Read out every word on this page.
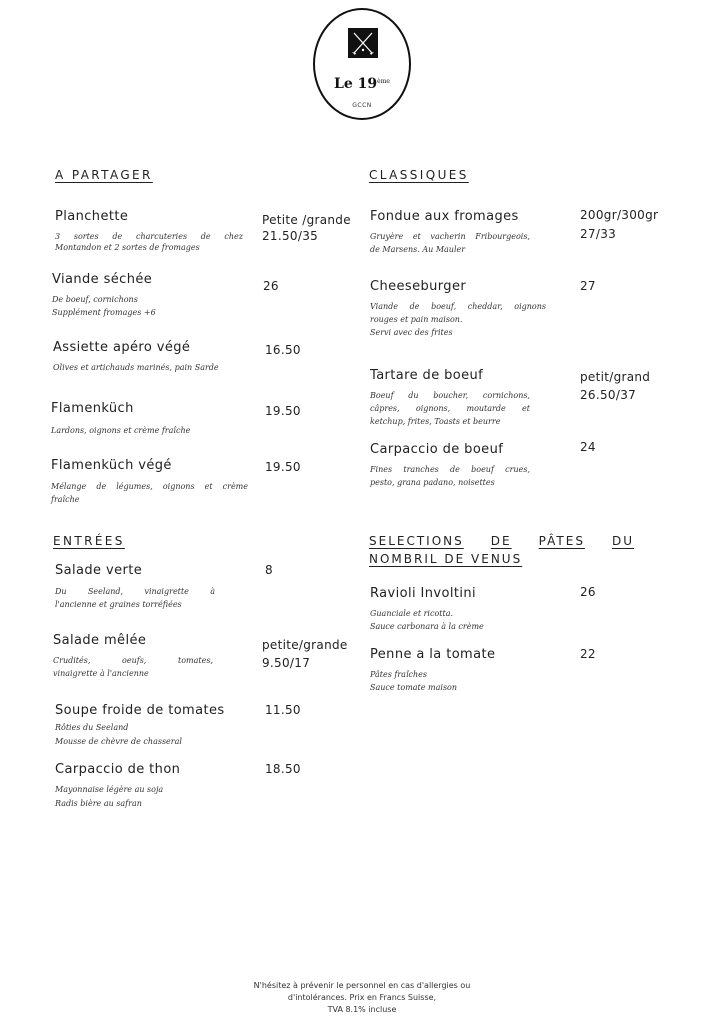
Le 19ème
GCCN
A PARTAGER
Planchette
3 sortes de charcuteries de chez
Montandon et 2 sortes de fromages
Petite /grande
21.50/35
Viande séchée
De boeuf, cornichons
Supplément fromages +6
26
Assiette apéro végé
Olives et artichauds marinés, pain Sarde
16.50
Flamenküch
Lardons, oignons et crème fraîche
19.50
Flamenküch végé
Mélange de légumes, oignons et crème
fraîche
19.50
ENTRÉES
Salade verte
Du Seeland, vinaigrette à
l'ancienne et graines torréfiées
8
Salade mêlée
Crudités, oeufs, tomates,
vinaigrette à l'ancienne
petite/grande
9.50/17
Soupe froide de tomates
Rôties du Seeland
Mousse de chèvre de chasseral
11.50
Carpaccio de thon
Mayonnaise légère au soja
Radis bière au safran
18.50
CLASSIQUES
Fondue aux fromages
Gruyère et vacherin Fribourgeois,
de Marsens. Au Mauler
200gr/300gr
27/33
Cheeseburger
Viande de boeuf, cheddar, oignons
rouges et pain maison.
Servi avec des frites
27
Tartare de boeuf
Boeuf du boucher, cornichons,
câpres, oignons, moutarde et
ketchup, frites, Toasts et beurre
petit/grand
26.50/37
Carpaccio de boeuf
Fines tranches de boeuf crues,
pesto, grana padano, noisettes
24
SELECTIONS DE PÂTES DU
NOMBRIL DE VENUS
Ravioli Involtini
Guanciale et ricotta.
Sauce carbonara à la crème
26
Penne a la tomate
Pâtes fraîches
Sauce tomate maison
22
N'hésitez à prévenir le personnel en cas d'allergies ou
d'intolérances. Prix en Francs Suisse,
TVA 8.1% incluse
